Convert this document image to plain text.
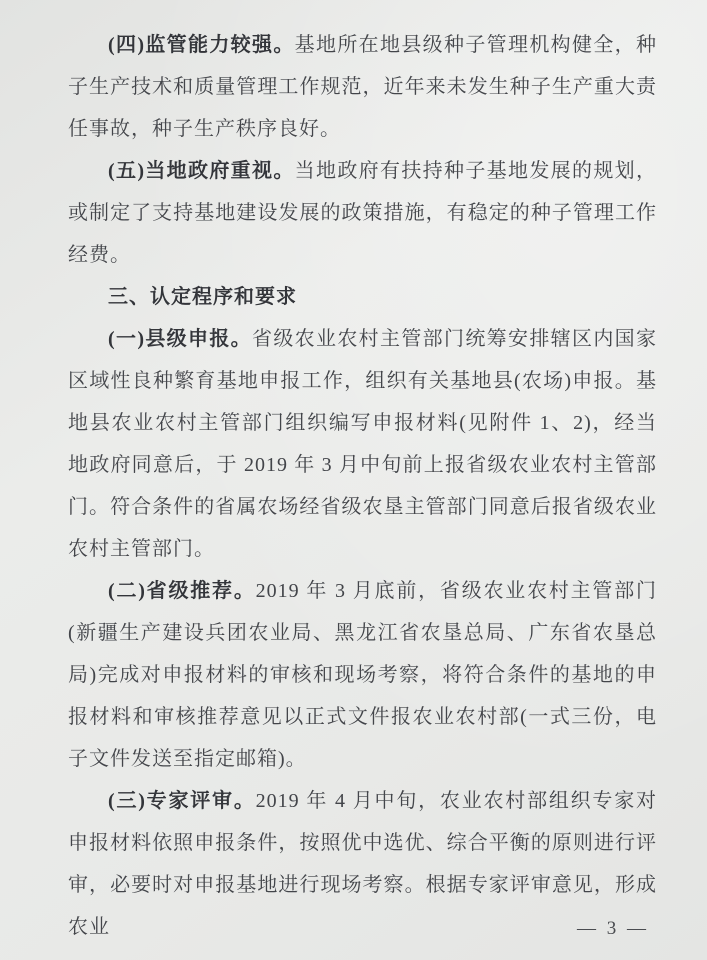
(四)监管能力较强。基地所在地县级种子管理机构健全，种子生产技术和质量管理工作规范，近年来未发生种子生产重大责任事故，种子生产秩序良好。

(五)当地政府重视。当地政府有扶持种子基地发展的规划，或制定了支持基地建设发展的政策措施，有稳定的种子管理工作经费。

三、认定程序和要求

(一)县级申报。省级农业农村主管部门统筹安排辖区内国家区域性良种繁育基地申报工作，组织有关基地县(农场)申报。基地县农业农村主管部门组织编写申报材料(见附件 1、2)，经当地政府同意后，于 2019 年 3 月中旬前上报省级农业农村主管部门。符合条件的省属农场经省级农垦主管部门同意后报省级农业农村主管部门。

(二)省级推荐。2019 年 3 月底前，省级农业农村主管部门(新疆生产建设兵团农业局、黑龙江省农垦总局、广东省农垦总局)完成对申报材料的审核和现场考察，将符合条件的基地的申报材料和审核推荐意见以正式文件报农业农村部(一式三份，电子文件发送至指定邮箱)。

(三)专家评审。2019 年 4 月中旬，农业农村部组织专家对申报材料依照申报条件，按照优中选优、综合平衡的原则进行评审，必要时对申报基地进行现场考察。根据专家评审意见，形成农业	— 3 —
